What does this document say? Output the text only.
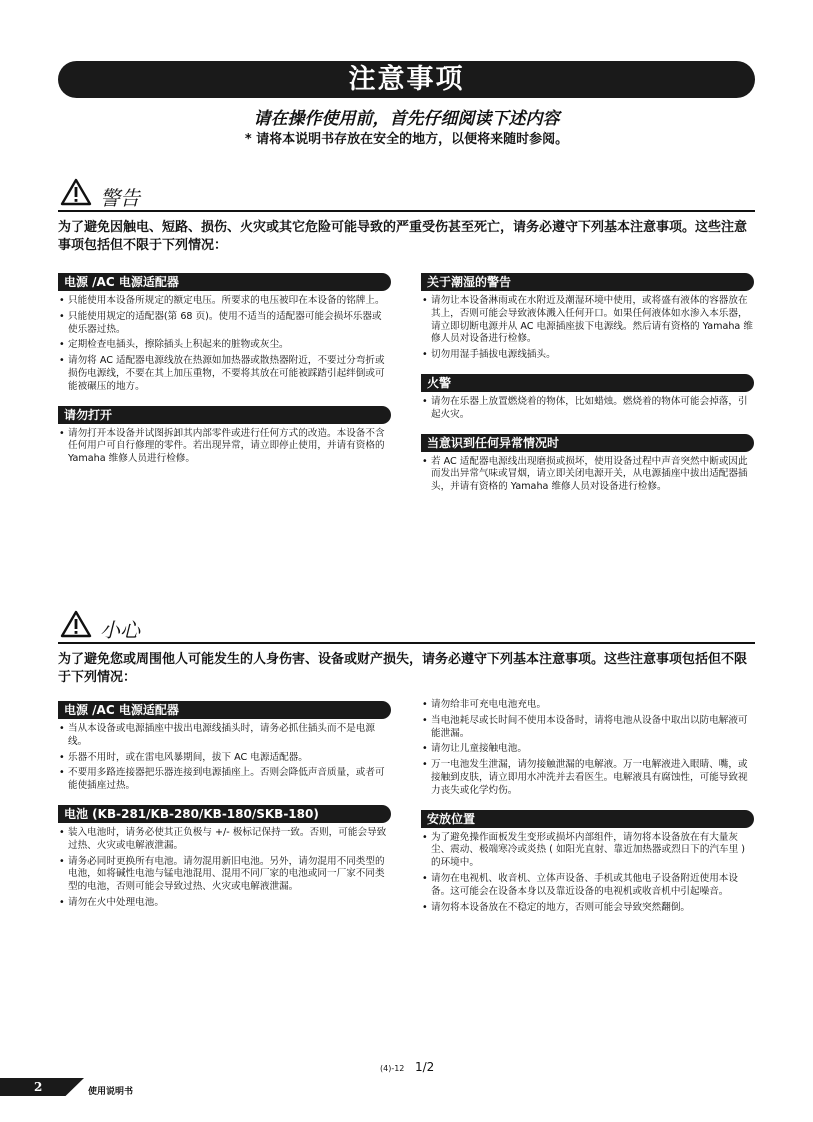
注意事项
请在操作使用前，首先仔细阅读下述内容
* 请将本说明书存放在安全的地方，以便将来随时参阅。
警告
为了避免因触电、短路、损伤、火灾或其它危险可能导致的严重受伤甚至死亡，请务必遵守下列基本注意事项。这些注意事项包括但不限于下列情况：
电源 /AC 电源适配器
• 只能使用本设备所规定的额定电压。所要求的电压被印在本设备的铭牌上。
• 只能使用规定的适配器(第 68 页)。使用不适当的适配器可能会损坏乐器或使乐器过热。
• 定期检查电插头，擦除插头上积起来的脏物或灰尘。
• 请勿将 AC 适配器电源线放在热源如加热器或散热器附近，不要过分弯折或损伤电源线，不要在其上加压重物，不要将其放在可能被踩踏引起绊倒或可能被碾压的地方。
请勿打开
• 请勿打开本设备并试图拆卸其内部零件或进行任何方式的改造。本设备不含任何用户可自行修理的零件。若出现异常，请立即停止使用，并请有资格的 Yamaha 维修人员进行检修。
关于潮湿的警告
• 请勿让本设备淋雨或在水附近及潮湿环境中使用，或将盛有液体的容器放在其上，否则可能会导致液体溅入任何开口。如果任何液体如水渗入本乐器，请立即切断电源并从 AC 电源插座拔下电源线。然后请有资格的 Yamaha 维修人员对设备进行检修。
• 切勿用湿手插拔电源线插头。
火警
• 请勿在乐器上放置燃烧着的物体，比如蜡烛。燃烧着的物体可能会掉落，引起火灾。
当意识到任何异常情况时
• 若 AC 适配器电源线出现磨损或损坏，使用设备过程中声音突然中断或因此而发出异常气味或冒烟，请立即关闭电源开关，从电源插座中拔出适配器插头，并请有资格的 Yamaha 维修人员对设备进行检修。
小心
为了避免您或周围他人可能发生的人身伤害、设备或财产损失，请务必遵守下列基本注意事项。这些注意事项包括但不限于下列情况：
电源 /AC 电源适配器
• 当从本设备或电源插座中拔出电源线插头时，请务必抓住插头而不是电源线。
• 乐器不用时，或在雷电风暴期间，拔下 AC 电源适配器。
• 不要用多路连接器把乐器连接到电源插座上。否则会降低声音质量，或者可能使插座过热。
电池 (KB-281/KB-280/KB-180/SKB-180)
• 装入电池时，请务必使其正负极与 +/- 极标记保持一致。否则，可能会导致过热、火灾或电解液泄漏。
• 请务必同时更换所有电池。请勿混用新旧电池。另外，请勿混用不同类型的电池，如将碱性电池与锰电池混用、混用不同厂家的电池或同一厂家不同类型的电池，否则可能会导致过热、火灾或电解液泄漏。
• 请勿在火中处理电池。
• 请勿给非可充电电池充电。
• 当电池耗尽或长时间不使用本设备时，请将电池从设备中取出以防电解液可能泄漏。
• 请勿让儿童接触电池。
• 万一电池发生泄漏，请勿接触泄漏的电解液。万一电解液进入眼睛、嘴，或接触到皮肤，请立即用水冲洗并去看医生。电解液具有腐蚀性，可能导致视力丧失或化学灼伤。
安放位置
• 为了避免操作面板发生变形或损坏内部组件，请勿将本设备放在有大量灰尘、震动、极端寒冷或炎热 ( 如阳光直射、靠近加热器或烈日下的汽车里 ) 的环境中。
• 请勿在电视机、收音机、立体声设备、手机或其他电子设备附近使用本设备。这可能会在设备本身以及靠近设备的电视机或收音机中引起噪音。
• 请勿将本设备放在不稳定的地方，否则可能会导致突然翻倒。
(4)-12 1/2
2	使用说明书
